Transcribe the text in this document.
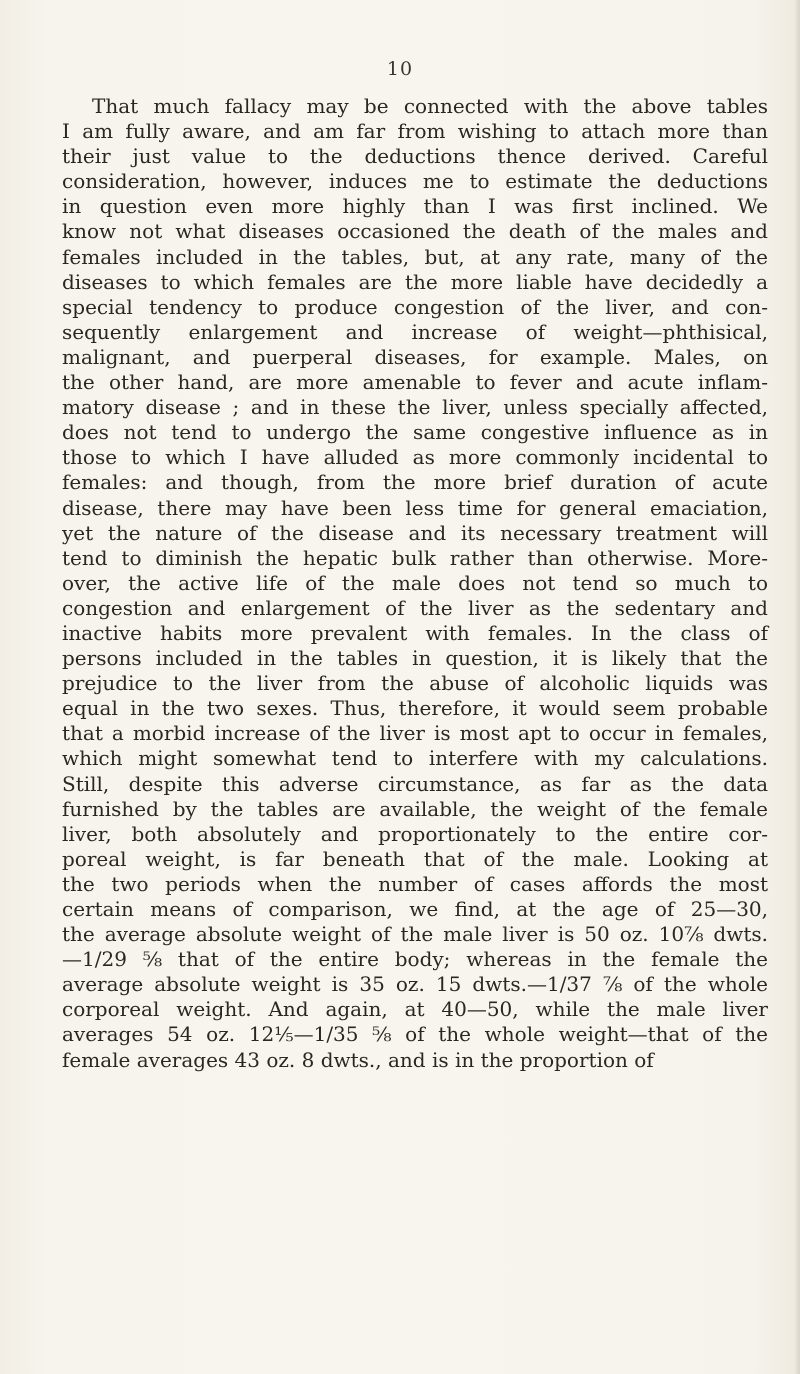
10
That much fallacy may be connected with the above tables
I am fully aware, and am far from wishing to attach more than
their just value to the deductions thence derived. Careful
consideration, however, induces me to estimate the deductions
in question even more highly than I was first inclined. We
know not what diseases occasioned the death of the males and
females included in the tables, but, at any rate, many of the
diseases to which females are the more liable have decidedly a
special tendency to produce congestion of the liver, and con-
sequently enlargement and increase of weight—phthisical,
malignant, and puerperal diseases, for example. Males, on
the other hand, are more amenable to fever and acute inflam-
matory disease ; and in these the liver, unless specially affected,
does not tend to undergo the same congestive influence as in
those to which I have alluded as more commonly incidental to
females: and though, from the more brief duration of acute
disease, there may have been less time for general emaciation,
yet the nature of the disease and its necessary treatment will
tend to diminish the hepatic bulk rather than otherwise. More-
over, the active life of the male does not tend so much to
congestion and enlargement of the liver as the sedentary and
inactive habits more prevalent with females. In the class of
persons included in the tables in question, it is likely that the
prejudice to the liver from the abuse of alcoholic liquids was
equal in the two sexes. Thus, therefore, it would seem probable
that a morbid increase of the liver is most apt to occur in females,
which might somewhat tend to interfere with my calculations.
Still, despite this adverse circumstance, as far as the data
furnished by the tables are available, the weight of the female
liver, both absolutely and proportionately to the entire cor-
poreal weight, is far beneath that of the male. Looking at
the two periods when the number of cases affords the most
certain means of comparison, we find, at the age of 25—30,
the average absolute weight of the male liver is 50 oz. 10⅞ dwts.
—1/29 ⅝ that of the entire body; whereas in the female the
average absolute weight is 35 oz. 15 dwts.—1/37 ⅞ of the whole
corporeal weight. And again, at 40—50, while the male liver
averages 54 oz. 12⅕—1/35 ⅝ of the whole weight—that of the
female averages 43 oz. 8 dwts., and is in the proportion of
